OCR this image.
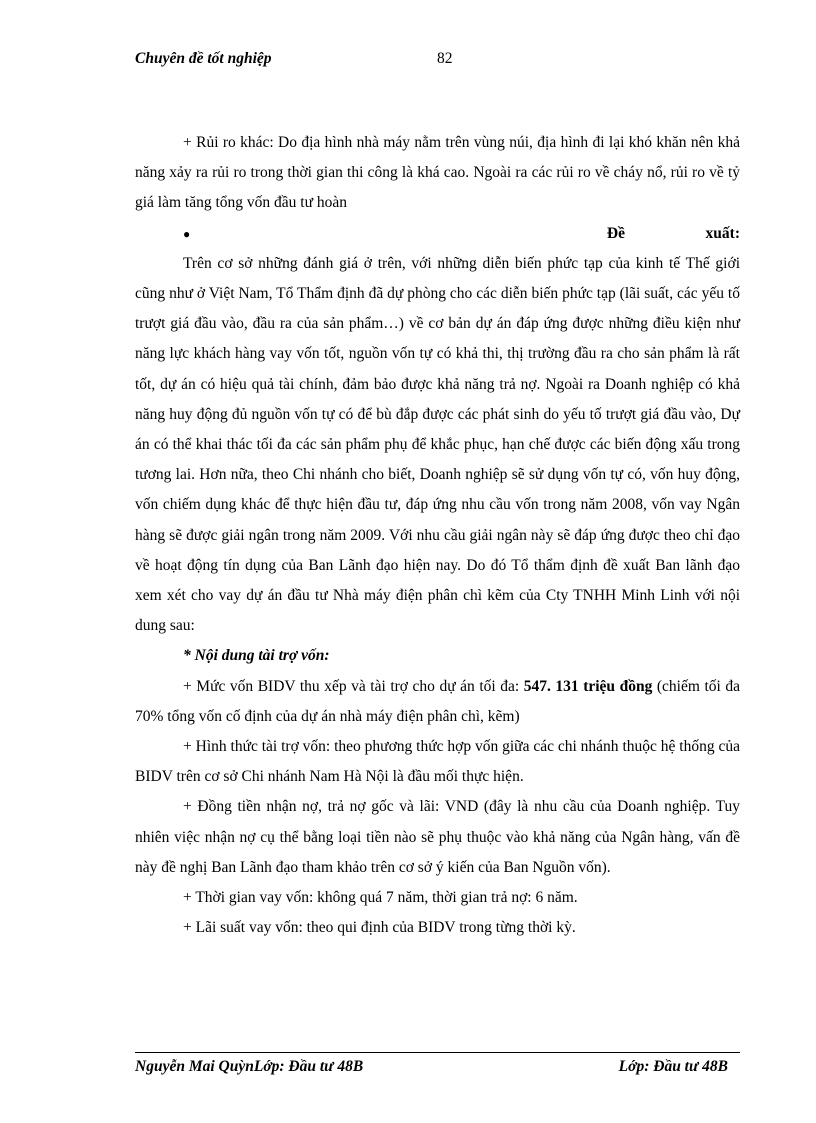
Chuyên đề tốt nghiệp	82

+ Rủi ro khác: Do địa hình nhà máy nằm trên vùng núi, địa hình đi lại khó khăn nên khả năng xảy ra rủi ro trong thời gian thi công là khá cao. Ngoài ra các rủi ro về cháy nổ, rủi ro về tỷ giá làm tăng tổng vốn đầu tư hoàn

●	Đề	xuất:

Trên cơ sở những đánh giá ở trên, với những diễn biến phức tạp của kinh tế Thế giới cũng như ở Việt Nam, Tổ Thẩm định đã dự phòng cho các diễn biến phức tạp (lãi suất, các yếu tố trượt giá đầu vào, đầu ra của sản phẩm…) về cơ bản dự án đáp ứng được những điều kiện như năng lực khách hàng vay vốn tốt, nguồn vốn tự có khả thi, thị trường đầu ra cho sản phẩm là rất tốt, dự án có hiệu quả tài chính, đảm bảo được khả năng trả nợ. Ngoài ra Doanh nghiệp có khả năng huy động đủ nguồn vốn tự có để bù đắp được các phát sinh do yếu tố trượt giá đầu vào, Dự án có thể khai thác tối đa các sản phẩm phụ để khắc phục, hạn chế được các biến động xấu trong tương lai. Hơn nữa, theo Chi nhánh cho biết, Doanh nghiệp sẽ sử dụng vốn tự có, vốn huy động, vốn chiếm dụng khác để thực hiện đầu tư, đáp ứng nhu cầu vốn trong năm 2008, vốn vay Ngân hàng sẽ được giải ngân trong năm 2009. Với nhu cầu giải ngân này sẽ đáp ứng được theo chỉ đạo về hoạt động tín dụng của Ban Lãnh đạo hiện nay. Do đó Tổ thẩm định đề xuất Ban lãnh đạo xem xét cho vay dự án đầu tư Nhà máy điện phân chì kẽm của Cty TNHH Minh Linh với nội dung sau:

* Nội dung tài trợ vốn:

+ Mức vốn BIDV thu xếp và tài trợ cho dự án tối đa: 547. 131 triệu đồng (chiếm tối đa 70% tổng vốn cố định của dự án nhà máy điện phân chì, kẽm)

+ Hình thức tài trợ vốn: theo phương thức hợp vốn giữa các chi nhánh thuộc hệ thống của BIDV trên cơ sở Chi nhánh Nam Hà Nội là đầu mối thực hiện.

+ Đồng tiền nhận nợ, trả nợ gốc và lãi: VND (đây là nhu cầu của Doanh nghiệp. Tuy nhiên việc nhận nợ cụ thể bằng loại tiền nào sẽ phụ thuộc vào khả năng của Ngân hàng, vấn đề này đề nghị Ban Lãnh đạo tham khảo trên cơ sở ý kiến của Ban Nguồn vốn).

+ Thời gian vay vốn: không quá 7 năm, thời gian trả nợ: 6 năm.

+ Lãi suất vay vốn: theo qui định của BIDV trong từng thời kỳ.

Nguyễn Mai QuỳnLớp: Đầu tư 48B	Lớp: Đầu tư 48B
